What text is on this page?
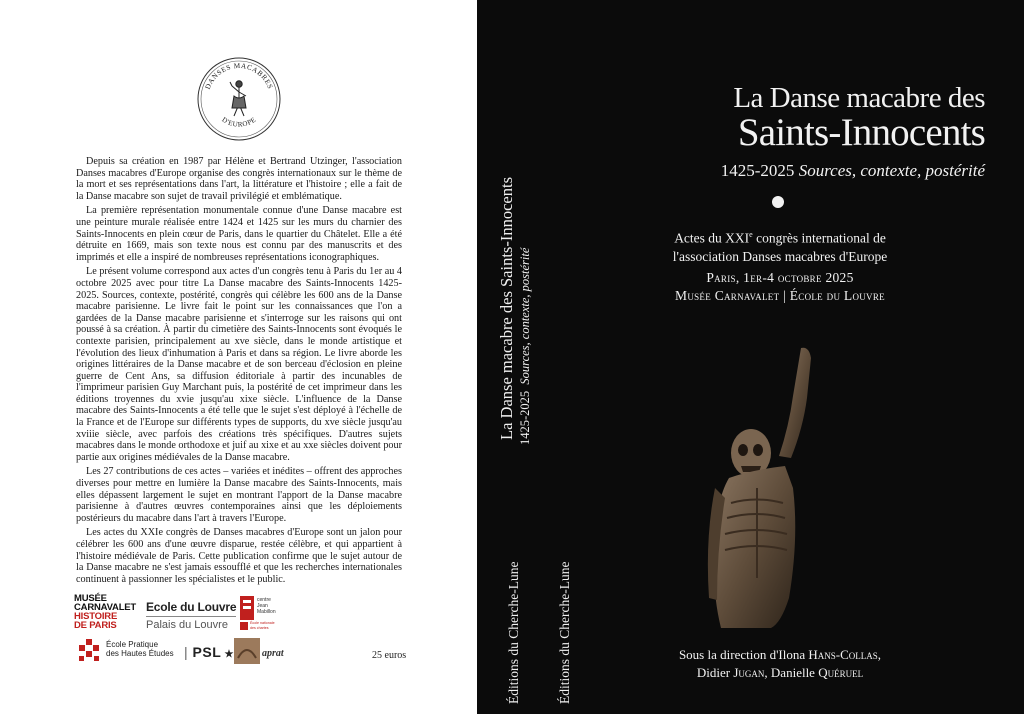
DANSES MACABRES
D'EUROPE

Depuis sa création en 1987 par Hélène et Bertrand Utzinger, l'association Danses macabres d'Europe organise des congrès internationaux sur le thème de la mort et ses représentations dans l'art, la littérature et l'histoire ; elle a fait de la Danse macabre son sujet de travail privilégié et emblématique.

La première représentation monumentale connue d'une Danse macabre est une peinture murale réalisée entre 1424 et 1425 sur les murs du charnier des Saints-Innocents en plein cœur de Paris, dans le quartier du Châtelet. Elle a été détruite en 1669, mais son texte nous est connu par des manuscrits et des imprimés et elle a inspiré de nombreuses représentations iconographiques.

Le présent volume correspond aux actes d'un congrès tenu à Paris du 1er au 4 octobre 2025 avec pour titre La Danse macabre des Saints-Innocents 1425-2025. Sources, contexte, postérité, congrès qui célèbre les 600 ans de la Danse macabre parisienne. Le livre fait le point sur les connaissances que l'on a gardées de la Danse macabre parisienne et s'interroge sur les raisons qui ont poussé à sa création. À partir du cimetière des Saints-Innocents sont évoqués le contexte parisien, principalement au xve siècle, dans le monde artistique et l'évolution des lieux d'inhumation à Paris et dans sa région. Le livre aborde les origines littéraires de la Danse macabre et de son berceau d'éclosion en pleine guerre de Cent Ans, sa diffusion éditoriale à partir des incunables de l'imprimeur parisien Guy Marchant puis, la postérité de cet imprimeur dans les éditions troyennes du xvie jusqu'au xixe siècle. L'influence de la Danse macabre des Saints-Innocents a été telle que le sujet s'est déployé à l'échelle de la France et de l'Europe sur différents types de supports, du xve siècle jusqu'au xviiie siècle, avec parfois des créations très spécifiques. D'autres sujets macabres dans le monde orthodoxe et juif au xixe et au xxe siècles doivent pour partie aux origines médiévales de la Danse macabre.

Les 27 contributions de ces actes – variées et inédites – offrent des approches diverses pour mettre en lumière la Danse macabre des Saints-Innocents, mais elles dépassent largement le sujet en montrant l'apport de la Danse macabre parisienne à d'autres œuvres contemporaines ainsi que les déploiements postérieurs du macabre dans l'art à travers l'Europe.

Les actes du XXIe congrès de Danses macabres d'Europe sont un jalon pour célébrer les 600 ans d'une œuvre disparue, restée célèbre, et qui appartient à l'histoire médiévale de Paris. Cette publication confirme que le sujet autour de la Danse macabre ne s'est jamais essoufflé et que les recherches internationales continuent à passionner les spécialistes et le public.

MUSÉE
CARNAVALET
HISTOIRE
DE PARIS
Ecole du Louvre
Palais du Louvre
centre
Jean
Mabillon
École nationale
des chartes
École Pratique
des Hautes Études | PSL ★	aprat	25 euros
La Danse macabre des Saints-Innocents 1425-2025  Sources, contexte, postérité
Éditions du Cherche-Lune	Éditions du Cherche-Lune
La Danse macabre des
Saints-Innocents
1425-2025 Sources, contexte, postérité
Actes du XXIe congrès international de
l'association Danses macabres d'Europe
Paris, 1er-4 octobre 2025
Musée Carnavalet | École du Louvre
Sous la direction d'Ilona Hans-Collas,
Didier Jugan, Danielle Quéruel
